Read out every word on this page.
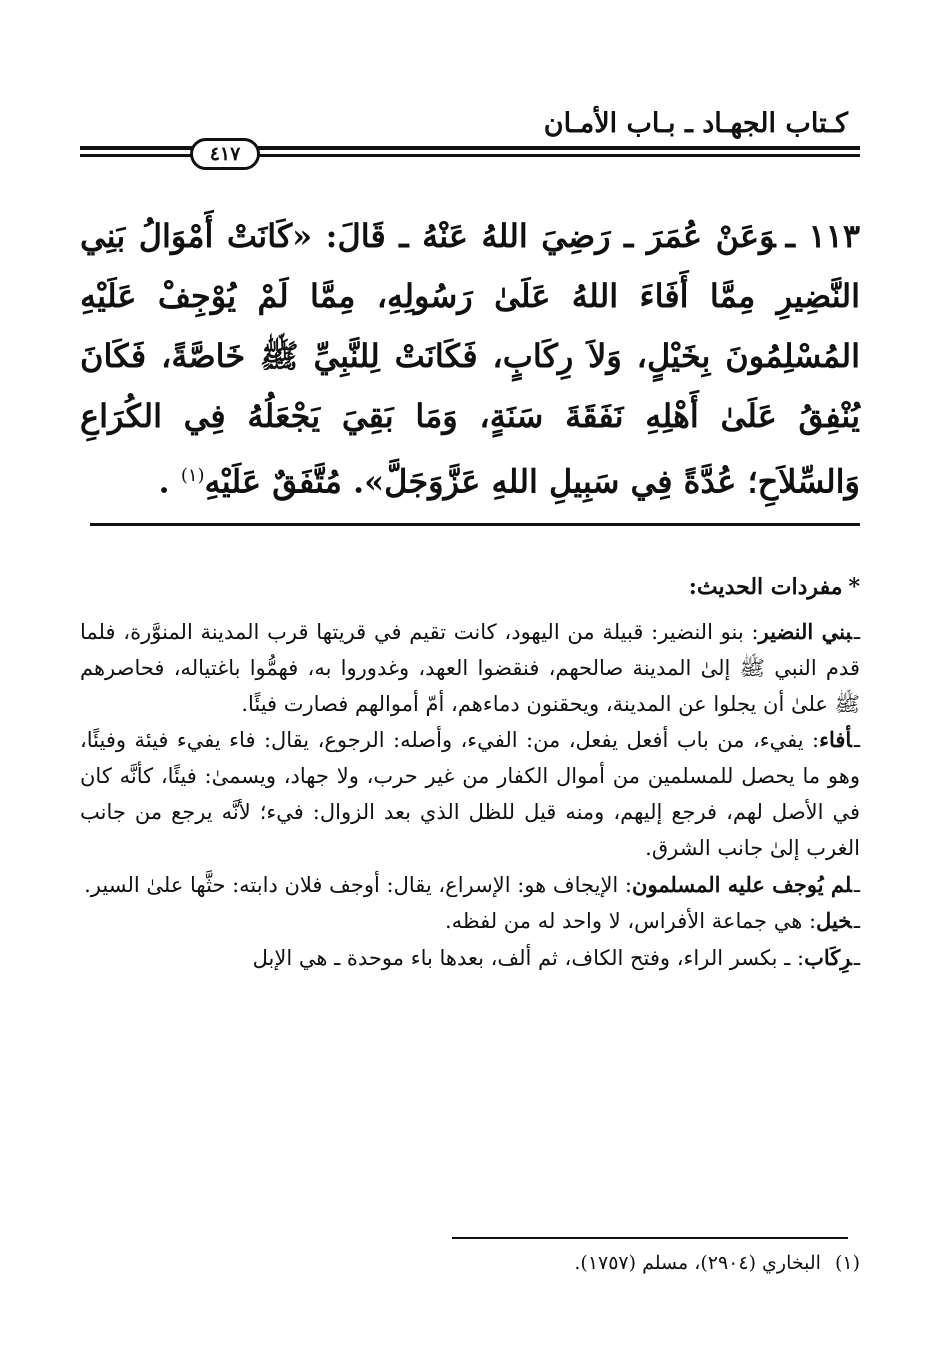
كـتاب الجهـاد ـ بـاب الأمـان
٤١٧
١١٣ ـوَعَنْ عُمَرَ ـ رَضِيَ اللهُ عَنْهُ ـ قَالَ: «كَانَتْ أَمْوَالُ بَنِي النَّضِيرِ مِمَّا أَفَاءَ اللهُ عَلَىٰ رَسُولِهِ، مِمَّا لَمْ يُوْجِفْ عَلَيْهِ المُسْلِمُونَ بِخَيْلٍ، وَلاَ رِكَابٍ، فَكَانَتْ لِلنَّبِيِّ ﷺ خَاصَّةً، فَكَانَ يُنْفِقُ عَلَىٰ أَهْلِهِ نَفَقَةَ سَنَةٍ، وَمَا بَقِيَ يَجْعَلُهُ فِي الكُرَاعِ وَالسِّلاَحِ؛ عُدَّةً فِي سَبِيلِ اللهِ عَزَّوَجَلَّ». مُتَّفَقٌ عَلَيْهِ$^{(١)}$ .
*مفردات الحديث:
ـبني النضير: بنو النضير: قبيلة من اليهود، كانت تقيم في قريتها قرب المدينة المنوَّرة، فلما قدم النبي ﷺ إلىٰ المدينة صالحهم، فنقضوا العهد، وغدوروا به، فهمُّوا باغتياله، فحاصرهم ﷺ علىٰ أن يجلوا عن المدينة، ويحقنون دماءهم، أمّ أموالهم فصارت فيئًا.
ـأفاء: يفيء، من باب أفعل يفعل، من: الفيء، وأصله: الرجوع، يقال: فاء يفيء فيئة وفيئًا، وهو ما يحصل للمسلمين من أموال الكفار من غير حرب، ولا جهاد، ويسمىٰ: فيئًا، كأنَّه كان في الأصل لهم، فرجع إليهم، ومنه قيل للظل الذي بعد الزوال: فيء؛ لأنَّه يرجع من جانب الغرب إلىٰ جانب الشرق.
ـلم يُوجف عليه المسلمون: الإيجاف هو: الإسراع، يقال: أوجف فلان دابته: حثَّها علىٰ السير.
ـخيل: هي جماعة الأفراس، لا واحد له من لفظه.
ـرِكَاب: ـ بكسر الراء، وفتح الكاف، ثم ألف، بعدها باء موحدة ـ هي الإبل
(١)البخاري (٢٩٠٤)، مسلم (١٧٥٧).
